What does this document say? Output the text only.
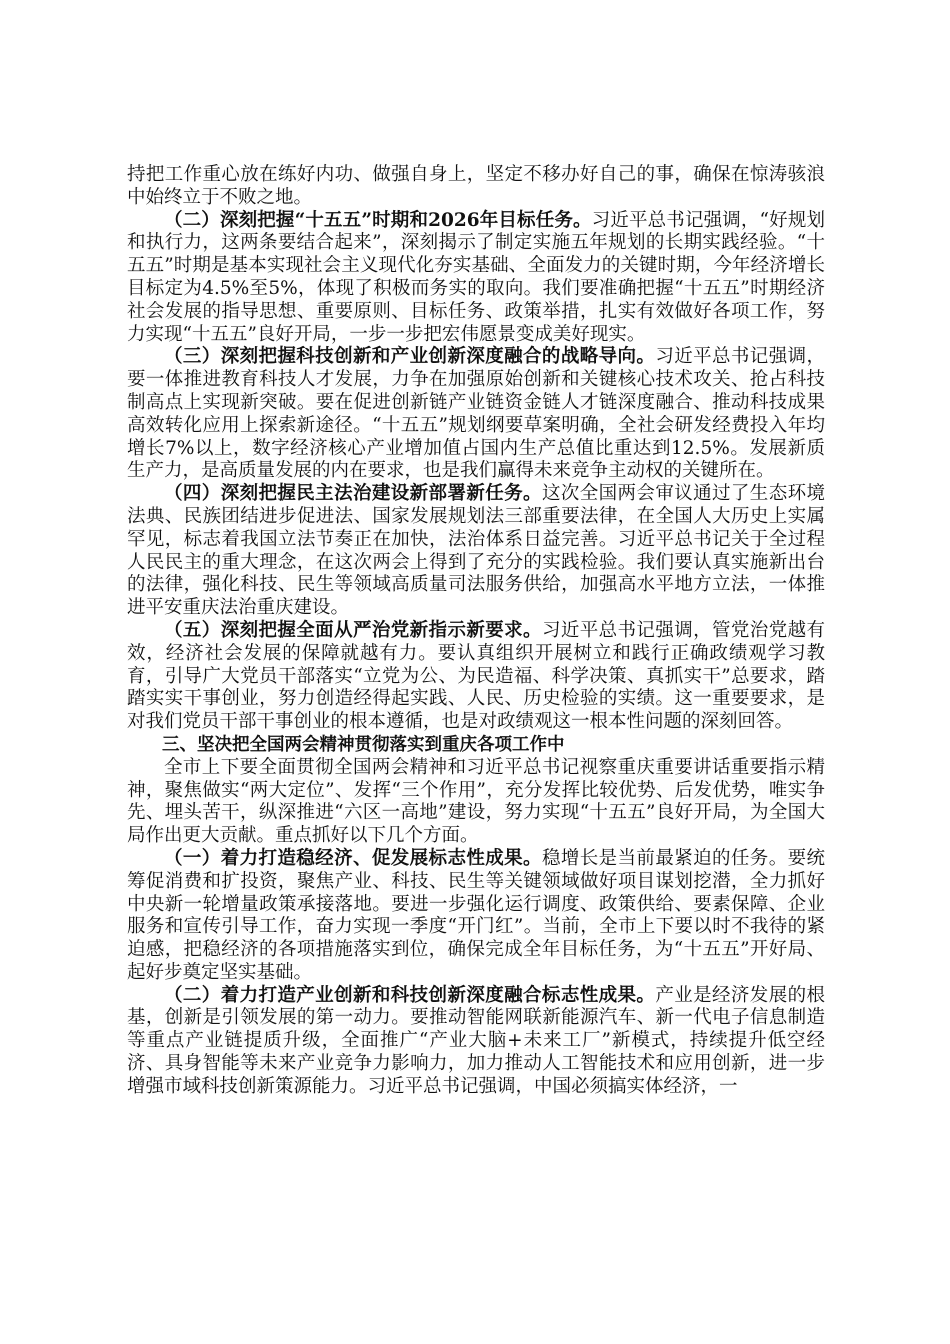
持把工作重心放在练好内功、做强自身上，坚定不移办好自己的事，确保在惊涛骇浪中始终立于不败之地。

（二）深刻把握“十五五”时期和2026年目标任务。习近平总书记强调，“好规划和执行力，这两条要结合起来”，深刻揭示了制定实施五年规划的长期实践经验。“十五五”时期是基本实现社会主义现代化夯实基础、全面发力的关键时期，今年经济增长目标定为4.5%至5%，体现了积极而务实的取向。我们要准确把握“十五五”时期经济社会发展的指导思想、重要原则、目标任务、政策举措，扎实有效做好各项工作，努力实现“十五五”良好开局，一步一步把宏伟愿景变成美好现实。

（三）深刻把握科技创新和产业创新深度融合的战略导向。习近平总书记强调，要一体推进教育科技人才发展，力争在加强原始创新和关键核心技术攻关、抢占科技制高点上实现新突破。要在促进创新链产业链资金链人才链深度融合、推动科技成果高效转化应用上探索新途径。“十五五”规划纲要草案明确，全社会研发经费投入年均增长7%以上，数字经济核心产业增加值占国内生产总值比重达到12.5%。发展新质生产力，是高质量发展的内在要求，也是我们赢得未来竞争主动权的关键所在。

（四）深刻把握民主法治建设新部署新任务。这次全国两会审议通过了生态环境法典、民族团结进步促进法、国家发展规划法三部重要法律，在全国人大历史上实属罕见，标志着我国立法节奏正在加快，法治体系日益完善。习近平总书记关于全过程人民民主的重大理念，在这次两会上得到了充分的实践检验。我们要认真实施新出台的法律，强化科技、民生等领域高质量司法服务供给，加强高水平地方立法，一体推进平安重庆法治重庆建设。

（五）深刻把握全面从严治党新指示新要求。习近平总书记强调，管党治党越有效，经济社会发展的保障就越有力。要认真组织开展树立和践行正确政绩观学习教育，引导广大党员干部落实“立党为公、为民造福、科学决策、真抓实干”总要求，踏踏实实干事创业，努力创造经得起实践、人民、历史检验的实绩。这一重要要求，是对我们党员干部干事创业的根本遵循，也是对政绩观这一根本性问题的深刻回答。

三、坚决把全国两会精神贯彻落实到重庆各项工作中

全市上下要全面贯彻全国两会精神和习近平总书记视察重庆重要讲话重要指示精神，聚焦做实“两大定位”、发挥“三个作用”，充分发挥比较优势、后发优势，唯实争先、埋头苦干，纵深推进“六区一高地”建设，努力实现“十五五”良好开局，为全国大局作出更大贡献。重点抓好以下几个方面。

（一）着力打造稳经济、促发展标志性成果。稳增长是当前最紧迫的任务。要统筹促消费和扩投资，聚焦产业、科技、民生等关键领域做好项目谋划挖潜，全力抓好中央新一轮增量政策承接落地。要进一步强化运行调度、政策供给、要素保障、企业服务和宣传引导工作，奋力实现一季度“开门红”。当前，全市上下要以时不我待的紧迫感，把稳经济的各项措施落实到位，确保完成全年目标任务，为“十五五”开好局、起好步奠定坚实基础。

（二）着力打造产业创新和科技创新深度融合标志性成果。产业是经济发展的根基，创新是引领发展的第一动力。要推动智能网联新能源汽车、新一代电子信息制造等重点产业链提质升级，全面推广“产业大脑+未来工厂”新模式，持续提升低空经济、具身智能等未来产业竞争力影响力，加力推动人工智能技术和应用创新，进一步增强市域科技创新策源能力。习近平总书记强调，中国必须搞实体经济，一
